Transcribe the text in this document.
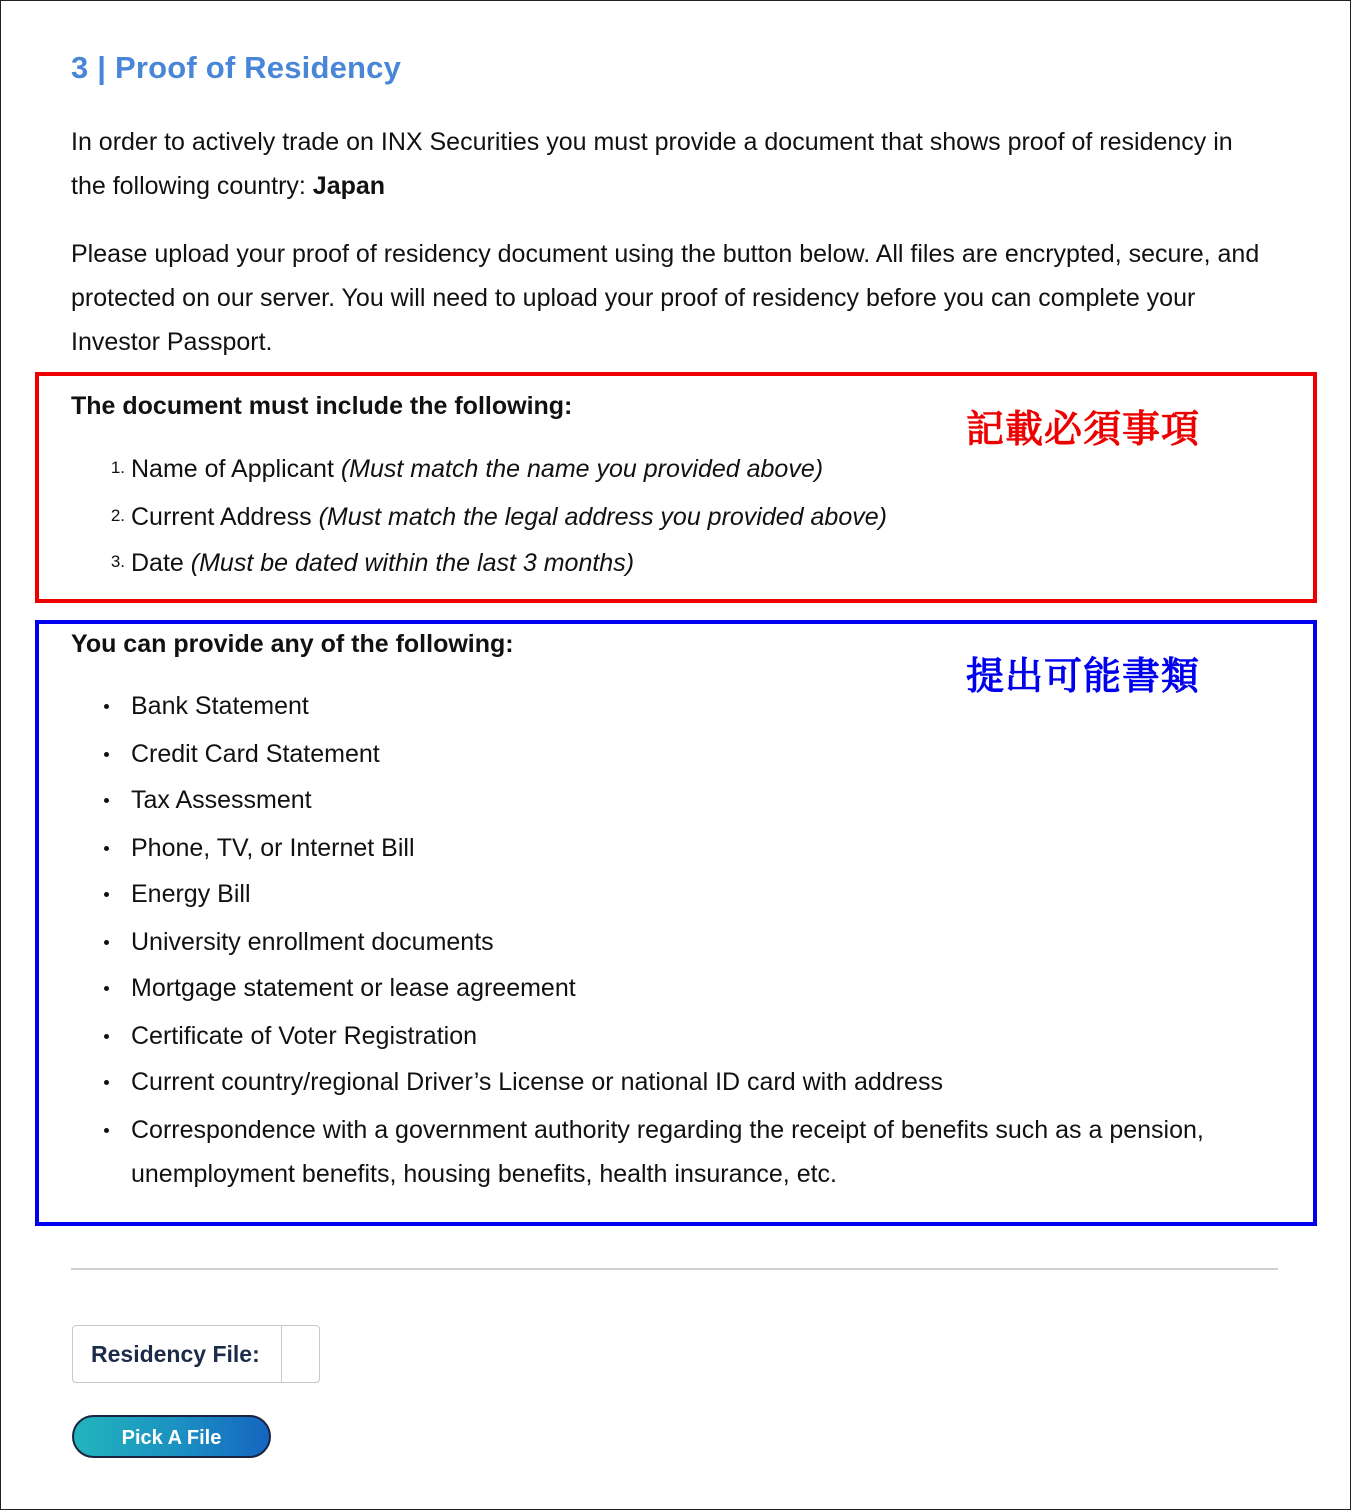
3 | Proof of Residency
In order to actively trade on INX Securities you must provide a document that shows proof of residency in the following country: Japan
Please upload your proof of residency document using the button below. All files are encrypted, secure, and protected on our server. You will need to upload your proof of residency before you can complete your Investor Passport.
The document must include the following:
記載必須事項
1. Name of Applicant (Must match the name you provided above)
2. Current Address (Must match the legal address you provided above)
3. Date (Must be dated within the last 3 months)
You can provide any of the following:
提出可能書類
Bank Statement
Credit Card Statement
Tax Assessment
Phone, TV, or Internet Bill
Energy Bill
University enrollment documents
Mortgage statement or lease agreement
Certificate of Voter Registration
Current country/regional Driver’s License or national ID card with address
Correspondence with a government authority regarding the receipt of benefits such as a pension, unemployment benefits, housing benefits, health insurance, etc.
Residency File:
Pick A File
